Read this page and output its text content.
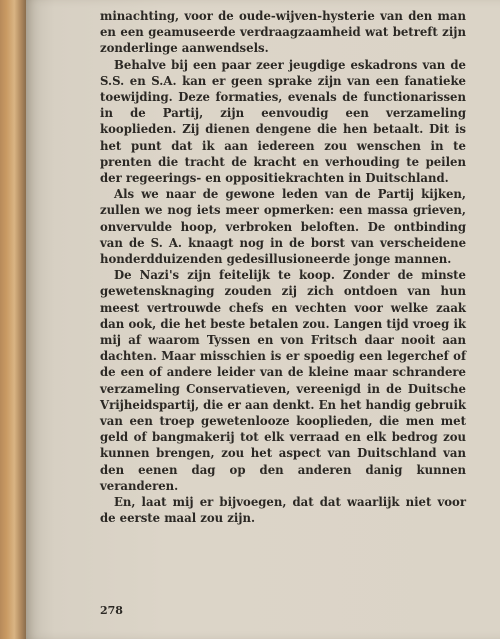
minachting, voor de oude-wijven-hysterie van den man en een geamuseerde verdraagzaamheid wat betreft zijn zonderlinge aanwendsels.

Behalve bij een paar zeer jeugdige eskadrons van de S.S. en S.A. kan er geen sprake zijn van een fanatieke toewijding. Deze formaties, evenals de functionarissen in de Partij, zijn eenvoudig een verzameling kooplieden. Zij dienen dengene die hen betaalt. Dit is het punt dat ik aan iedereen zou wenschen in te prenten die tracht de kracht en verhouding te peilen der regeerings- en oppositiekrachten in Duitschland.

Als we naar de gewone leden van de Partij kijken, zullen we nog iets meer opmerken: een massa grieven, onvervulde hoop, verbroken beloften. De ontbinding van de S. A. knaagt nog in de borst van verscheidene honderdduizenden gedesillusioneerde jonge mannen.

De Nazi's zijn feitelijk te koop. Zonder de minste gewetensknaging zouden zij zich ontdoen van hun meest vertrouwde chefs en vechten voor welke zaak dan ook, die het beste betalen zou. Langen tijd vroeg ik mij af waarom Tyssen en von Fritsch daar nooit aan dachten. Maar misschien is er spoedig een legerchef of de een of andere leider van de kleine maar schrandere verzameling Conservatieven, vereenigd in de Duitsche Vrijheidspartij, die er aan denkt. En het handig gebruik van een troep gewetenlooze kooplieden, die men met geld of bangmakerij tot elk verraad en elk bedrog zou kunnen brengen, zou het aspect van Duitschland van den eenen dag op den anderen danig kunnen veranderen.

En, laat mij er bijvoegen, dat dat waarlijk niet voor de eerste maal zou zijn.

278
